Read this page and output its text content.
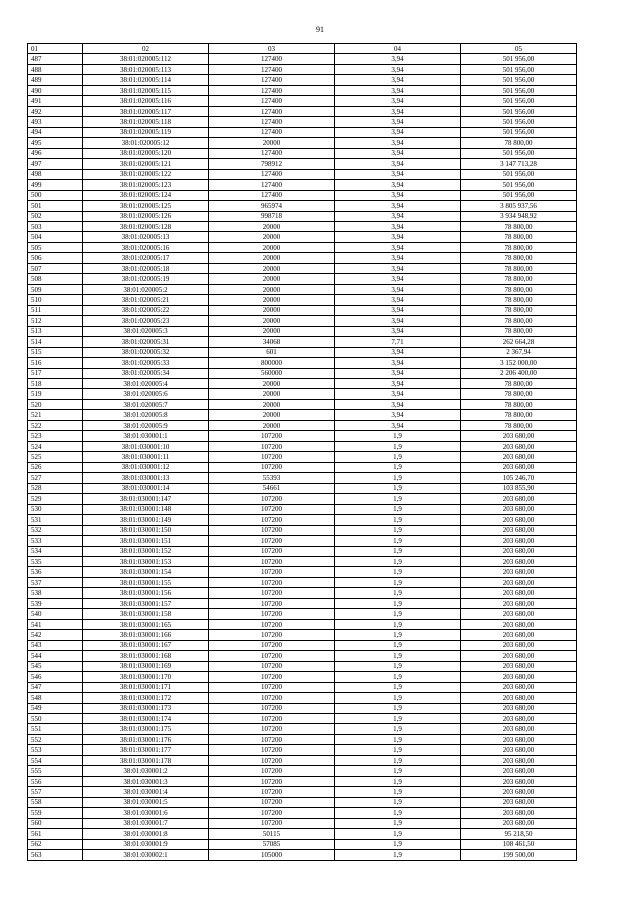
91
01	02	03	04	05
487	38:01:020005:112	127400	3,94	501 956,00
488	38:01:020005:113	127400	3,94	501 956,00
489	38:01:020005:114	127400	3,94	501 956,00
490	38:01:020005:115	127400	3,94	501 956,00
491	38:01:020005:116	127400	3,94	501 956,00
492	38:01:020005:117	127400	3,94	501 956,00
493	38:01:020005:118	127400	3,94	501 956,00
494	38:01:020005:119	127400	3,94	501 956,00
495	38:01:020005:12	20000	3,94	78 800,00
496	38:01:020005:120	127400	3,94	501 956,00
497	38:01:020005:121	798912	3,94	3 147 713,28
498	38:01:020005:122	127400	3,94	501 956,00
499	38:01:020005:123	127400	3,94	501 956,00
500	38:01:020005:124	127400	3,94	501 956,00
501	38:01:020005:125	965974	3,94	3 805 937,56
502	38:01:020005:126	998718	3,94	3 934 948,92
503	38:01:020005:128	20000	3,94	78 800,00
504	38:01:020005:13	20000	3,94	78 800,00
505	38:01:020005:16	20000	3,94	78 800,00
506	38:01:020005:17	20000	3,94	78 800,00
507	38:01:020005:18	20000	3,94	78 800,00
508	38:01:020005:19	20000	3,94	78 800,00
509	38:01:020005:2	20000	3,94	78 800,00
510	38:01:020005:21	20000	3,94	78 800,00
511	38:01:020005:22	20000	3,94	78 800,00
512	38:01:020005:23	20000	3,94	78 800,00
513	38:01:020005:3	20000	3,94	78 800,00
514	38:01:020005:31	34068	7,71	262 664,28
515	38:01:020005:32	601	3,94	2 367,94
516	38:01:020005:33	800000	3,94	3 152 000,00
517	38:01:020005:34	560000	3,94	2 206 400,00
518	38:01:020005:4	20000	3,94	78 800,00
519	38:01:020005:6	20000	3,94	78 800,00
520	38:01:020005:7	20000	3,94	78 800,00
521	38:01:020005:8	20000	3,94	78 800,00
522	38:01:020005:9	20000	3,94	78 800,00
523	38:01:030001:1	107200	1,9	203 680,00
524	38:01:030001:10	107200	1,9	203 680,00
525	38:01:030001:11	107200	1,9	203 680,00
526	38:01:030001:12	107200	1,9	203 680,00
527	38:01:030001:13	55393	1,9	105 246,70
528	38:01:030001:14	54661	1,9	103 855,90
529	38:01:030001:147	107200	1,9	203 680,00
530	38:01:030001:148	107200	1,9	203 680,00
531	38:01:030001:149	107200	1,9	203 680,00
532	38:01:030001:150	107200	1,9	203 680,00
533	38:01:030001:151	107200	1,9	203 680,00
534	38:01:030001:152	107200	1,9	203 680,00
535	38:01:030001:153	107200	1,9	203 680,00
536	38:01:030001:154	107200	1,9	203 680,00
537	38:01:030001:155	107200	1,9	203 680,00
538	38:01:030001:156	107200	1,9	203 680,00
539	38:01:030001:157	107200	1,9	203 680,00
540	38:01:030001:158	107200	1,9	203 680,00
541	38:01:030001:165	107200	1,9	203 680,00
542	38:01:030001:166	107200	1,9	203 680,00
543	38:01:030001:167	107200	1,9	203 680,00
544	38:01:030001:168	107200	1,9	203 680,00
545	38:01:030001:169	107200	1,9	203 680,00
546	38:01:030001:170	107200	1,9	203 680,00
547	38:01:030001:171	107200	1,9	203 680,00
548	38:01:030001:172	107200	1,9	203 680,00
549	38:01:030001:173	107200	1,9	203 680,00
550	38:01:030001:174	107200	1,9	203 680,00
551	38:01:030001:175	107200	1,9	203 680,00
552	38:01:030001:176	107200	1,9	203 680,00
553	38:01:030001:177	107200	1,9	203 680,00
554	38:01:030001:178	107200	1,9	203 680,00
555	38:01:030001:2	107200	1,9	203 680,00
556	38:01:030001:3	107200	1,9	203 680,00
557	38:01:030001:4	107200	1,9	203 680,00
558	38:01:030001:5	107200	1,9	203 680,00
559	38:01:030001:6	107200	1,9	203 680,00
560	38:01:030001:7	107200	1,9	203 680,00
561	38:01:030001:8	50115	1,9	95 218,50
562	38:01:030001:9	57085	1,9	108 461,50
563	38:01:030002:1	105000	1,9	199 500,00
